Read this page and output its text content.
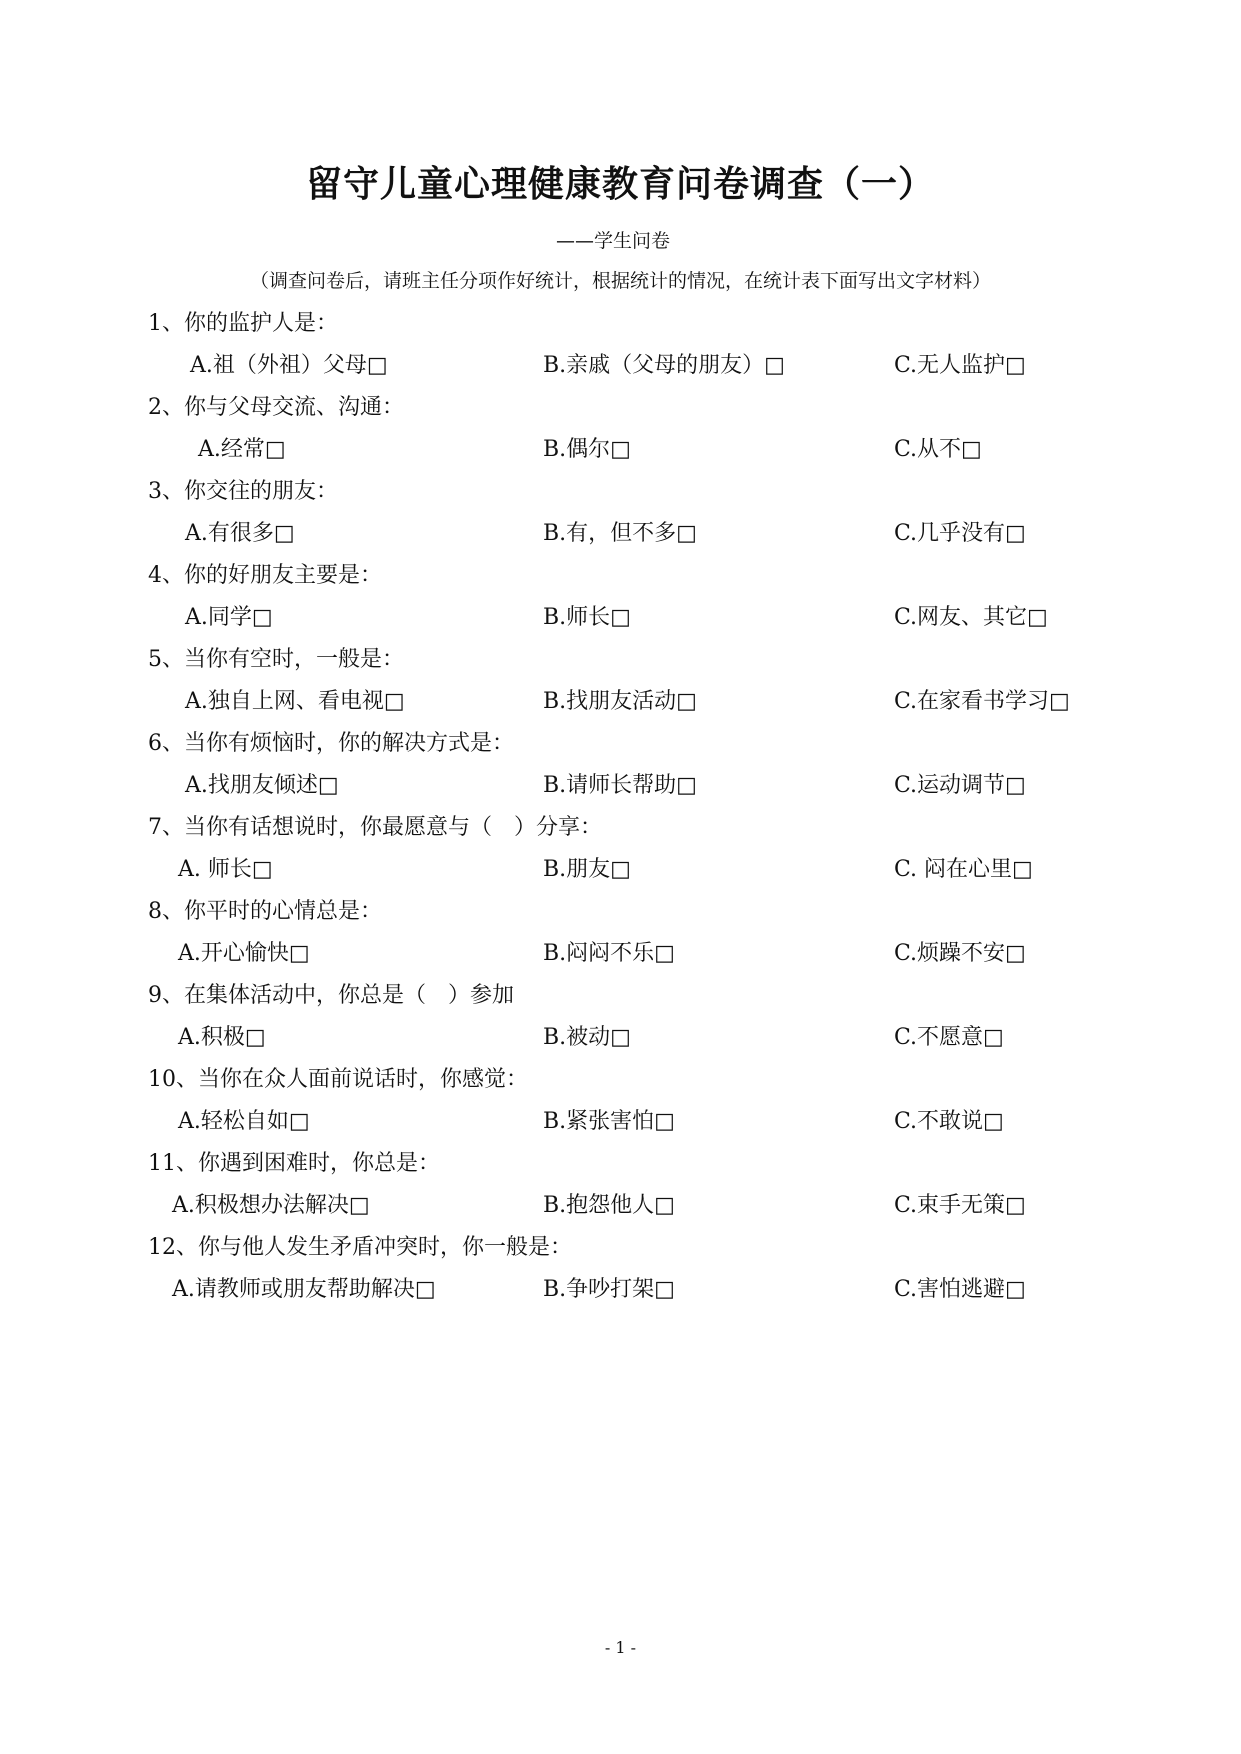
留守儿童心理健康教育问卷调查（一）
——学生问卷
（调查问卷后，请班主任分项作好统计，根据统计的情况，在统计表下面写出文字材料）
1、你的监护人是：
A.祖（外祖）父母□	B.亲戚（父母的朋友）□	C.无人监护□
2、你与父母交流、沟通：
A.经常□	B.偶尔□	C.从不□
3、你交往的朋友：
A.有很多□	B.有，但不多□	C.几乎没有□
4、你的好朋友主要是：
A.同学□	B.师长□	C.网友、其它□
5、当你有空时，一般是：
A.独自上网、看电视□	B.找朋友活动□	C.在家看书学习□
6、当你有烦恼时，你的解决方式是：
A.找朋友倾述□	B.请师长帮助□	C.运动调节□
7、当你有话想说时，你最愿意与（　）分享：
A. 师长□	B.朋友□	C. 闷在心里□
8、你平时的心情总是：
A.开心愉快□	B.闷闷不乐□	C.烦躁不安□
9、在集体活动中，你总是（　）参加
A.积极□	B.被动□	C.不愿意□
10、当你在众人面前说话时，你感觉：
A.轻松自如□	B.紧张害怕□	C.不敢说□
11、你遇到困难时，你总是：
A.积极想办法解决□	B.抱怨他人□	C.束手无策□
12、你与他人发生矛盾冲突时，你一般是：
A.请教师或朋友帮助解决□	B.争吵打架□	C.害怕逃避□
- 1 -
